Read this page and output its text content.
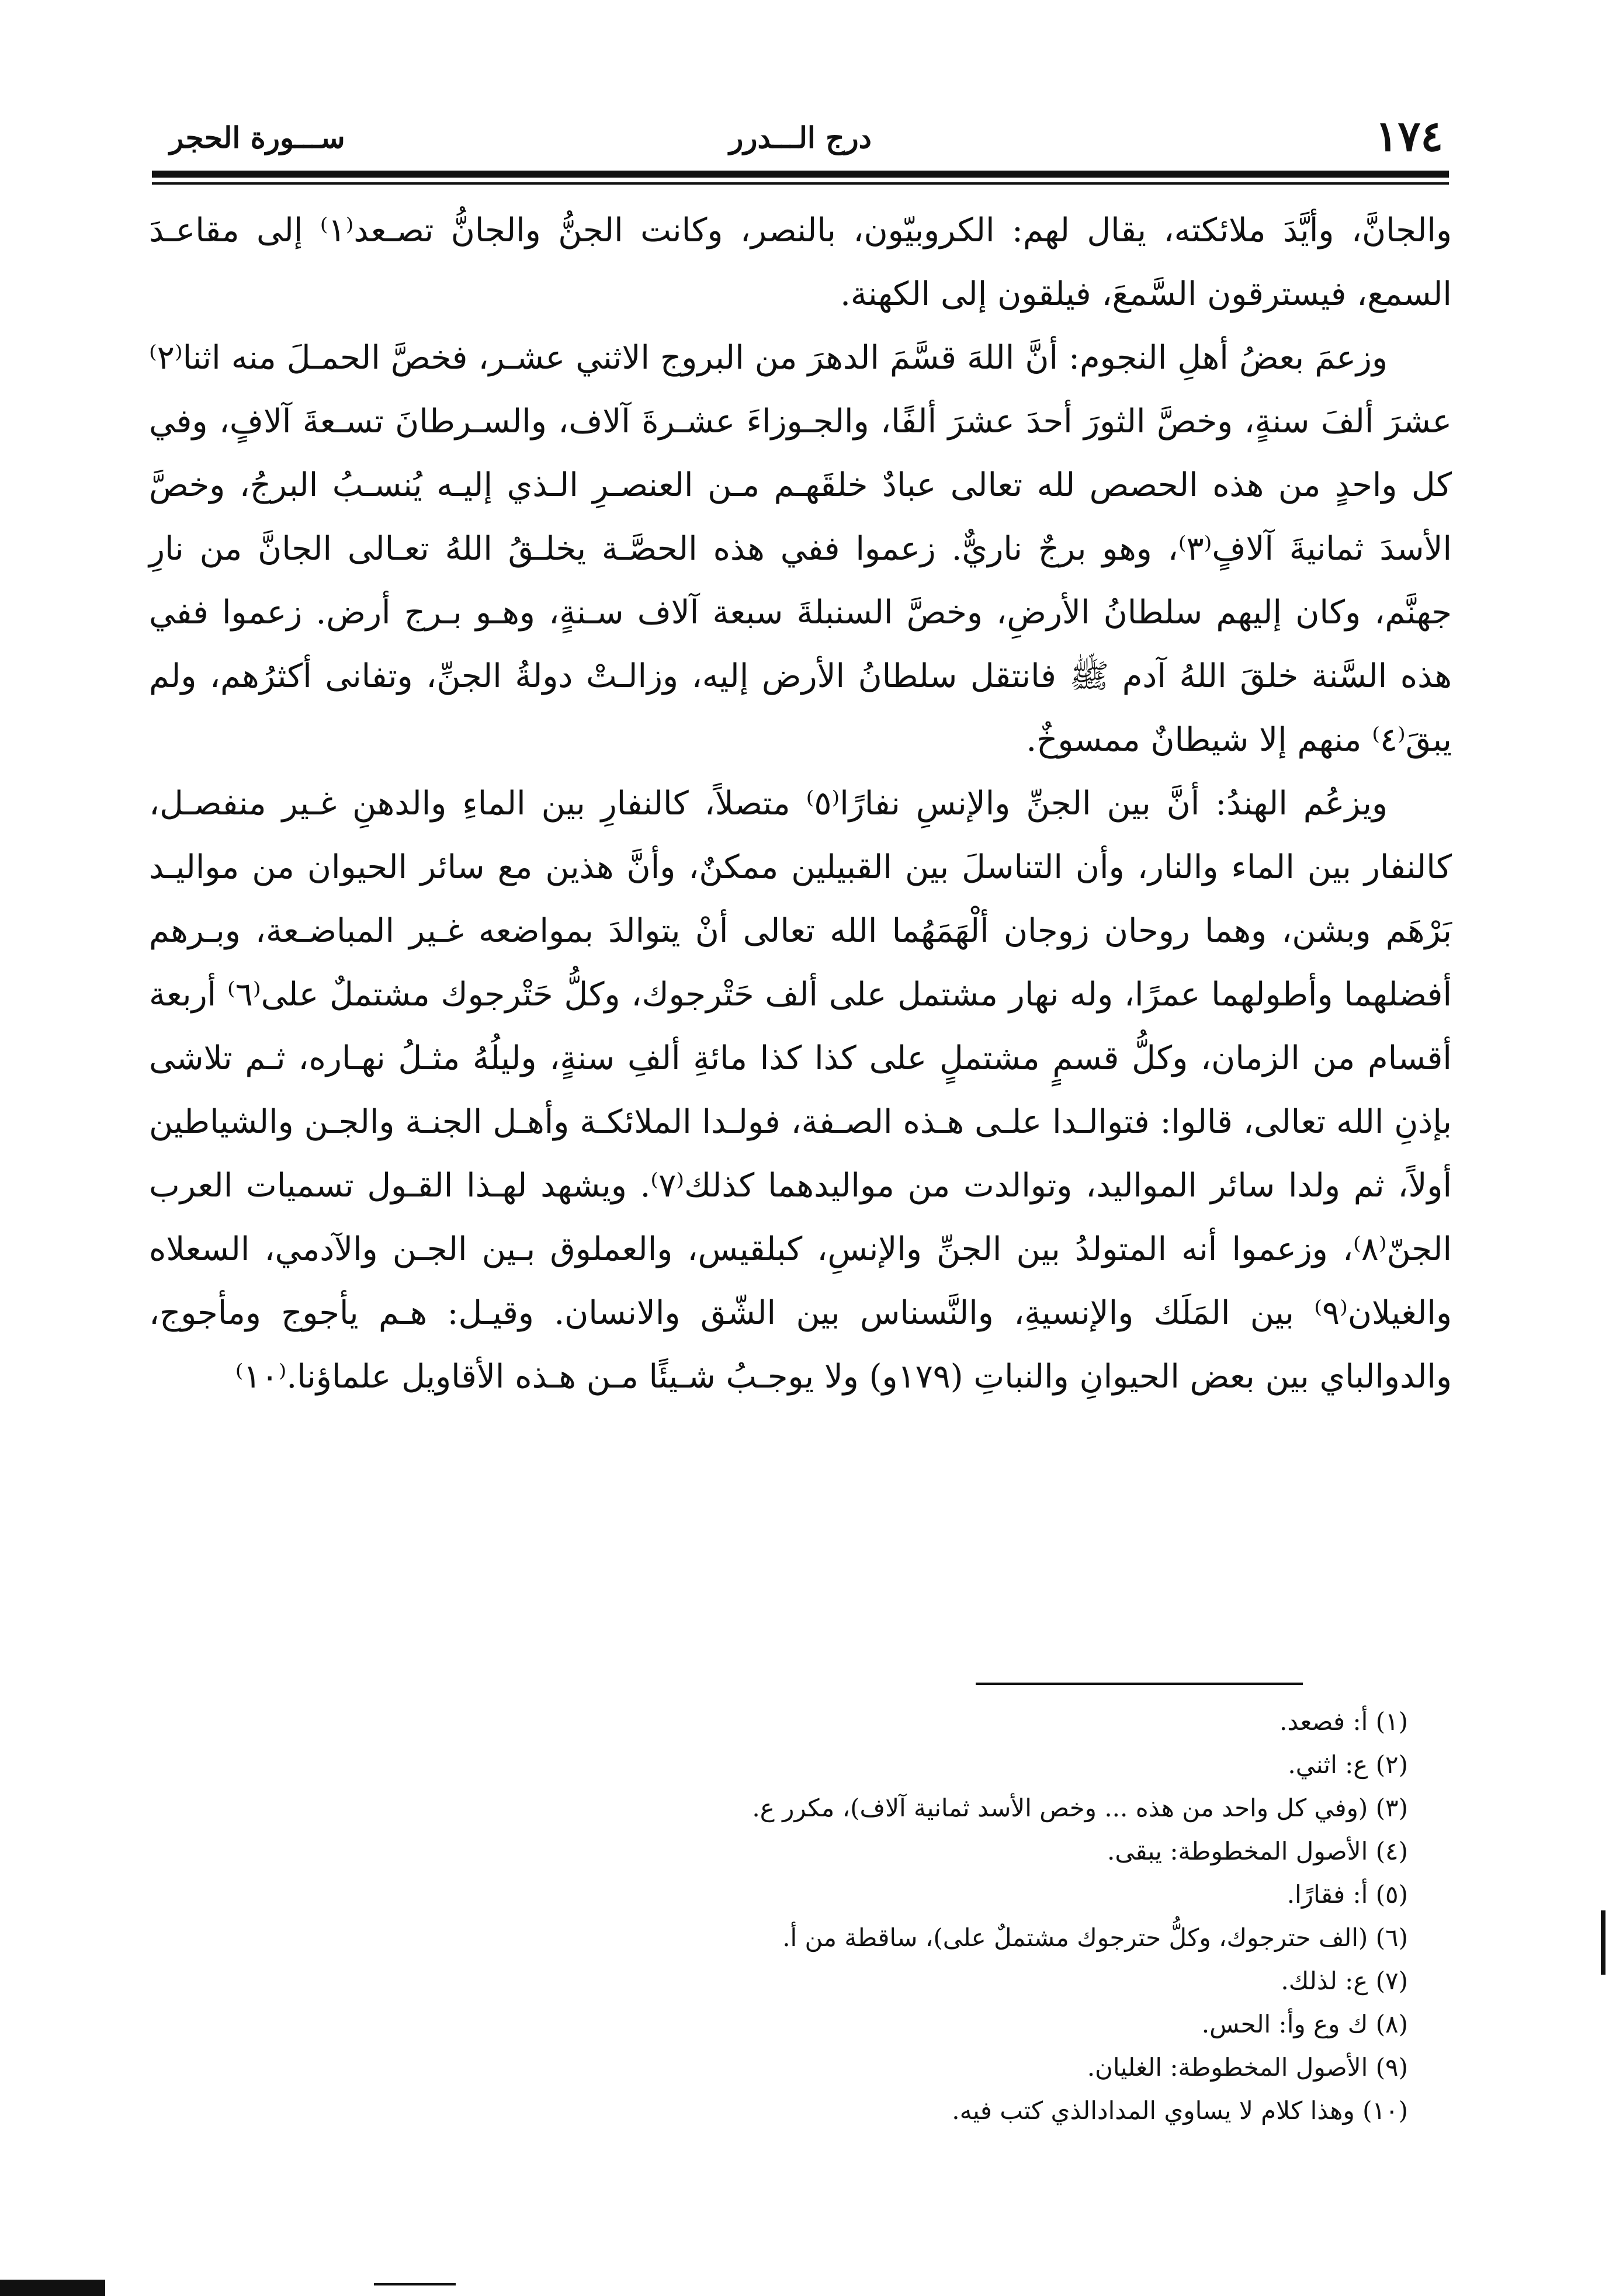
١٧٤
درج الـــدرر
ســـورة الحجر

والجانَّ، وأيَّدَ ملائكته، يقال لهم: الكروبيّون، بالنصر، وكانت الجنُّ والجانُّ تصـعد⁽١⁾ إلى مقاعـدَ السمع، فيسترقون السَّمعَ، فيلقون إلى الكهنة.

وزعمَ بعضُ أهلِ النجوم: أنَّ اللهَ قسَّمَ الدهرَ من البروج الاثني عشـر، فخصَّ الحمـلَ منه اثنا⁽٢⁾ عشرَ ألفَ سنةٍ، وخصَّ الثورَ أحدَ عشرَ ألفًا، والجـوزاءَ عشـرةَ آلاف، والسـرطانَ تسـعةَ آلافٍ، وفي كل واحدٍ من هذه الحصص لله تعالى عبادٌ خلقَهـم مـن العنصـرِ الـذي إليـه يُنسـبُ البرجُ، وخصَّ الأسدَ ثمانيةَ آلافٍ⁽٣⁾، وهو برجٌ ناريٌّ. زعموا ففي هذه الحصَّـة يخلـقُ اللهُ تعـالى الجانَّ من نارِ جهنَّم، وكان إليهم سلطانُ الأرضِ، وخصَّ السنبلةَ سبعة آلاف سـنةٍ، وهـو بـرج أرض. زعموا ففي هذه السَّنة خلقَ اللهُ آدم ﷺ فانتقل سلطانُ الأرض إليه، وزالـتْ دولةُ الجنِّ، وتفانى أكثرُهم، ولم يبقَ⁽٤⁾ منهم إلا شيطانٌ ممسوخٌ.

ويزعُم الهندُ: أنَّ بين الجنِّ والإنسِ نفارًا⁽٥⁾ متصلاً، كالنفارِ بين الماءِ والدهنِ غـير منفصـل، كالنفار بين الماء والنار، وأن التناسلَ بين القبيلين ممكنٌ، وأنَّ هذين مع سائر الحيوان من مواليـد بَرْهَم وبشن، وهما روحان زوجان ألْهَمَهُما الله تعالى أنْ يتوالدَ بمواضعه غـير المباضـعة، وبـرهم أفضلهما وأطولهما عمرًا، وله نهار مشتمل على ألف حَتْرجوك، وكلُّ حَتْرجوك مشتملٌ على⁽٦⁾ أربعة أقسام من الزمان، وكلُّ قسمٍ مشتملٍ على كذا كذا مائةِ ألفِ سنةٍ، وليلُهُ مثـلُ نهـاره، ثـم تلاشى بإذنِ الله تعالى، قالوا: فتوالـدا علـى هـذه الصـفة، فولـدا الملائكـة وأهـل الجنـة والجـن والشياطين أولاً، ثم ولدا سائر المواليد، وتوالدت من مواليدهما كذلك⁽٧⁾. ويشهد لهـذا القـول تسميات العرب الجنّ⁽٨⁾، وزعموا أنه المتولدُ بين الجنِّ والإنسِ، كبلقيس، والعملوق بـين الجـن والآدمي، السعلاه والغيلان⁽٩⁾ بين المَلَك والإنسيةِ، والنَّسناس بين الشّق والانسان. وقيـل: هـم يأجوج ومأجوج، والدوالباي بين بعض الحيوانِ والنباتِ (١٧٩و) ولا يوجـبُ شـيئًا مـن هـذه الأقاويل علماؤنا.⁽١٠⁾

(١) أ: فصعد.
(٢) ع: اثني.
(٣) (وفي كل واحد من هذه ... وخص الأسد ثمانية آلاف)، مكرر ع.
(٤) الأصول المخطوطة: يبقى.
(٥) أ: فقارًا.
(٦) (الف حترجوك، وكلُّ حترجوك مشتملٌ على)، ساقطة من أ.
(٧) ع: لذلك.
(٨) ك وع وأ: الحس.
(٩) الأصول المخطوطة: الغليان.
(١٠) وهذا كلام لا يساوي المدادالذي كتب فيه.
